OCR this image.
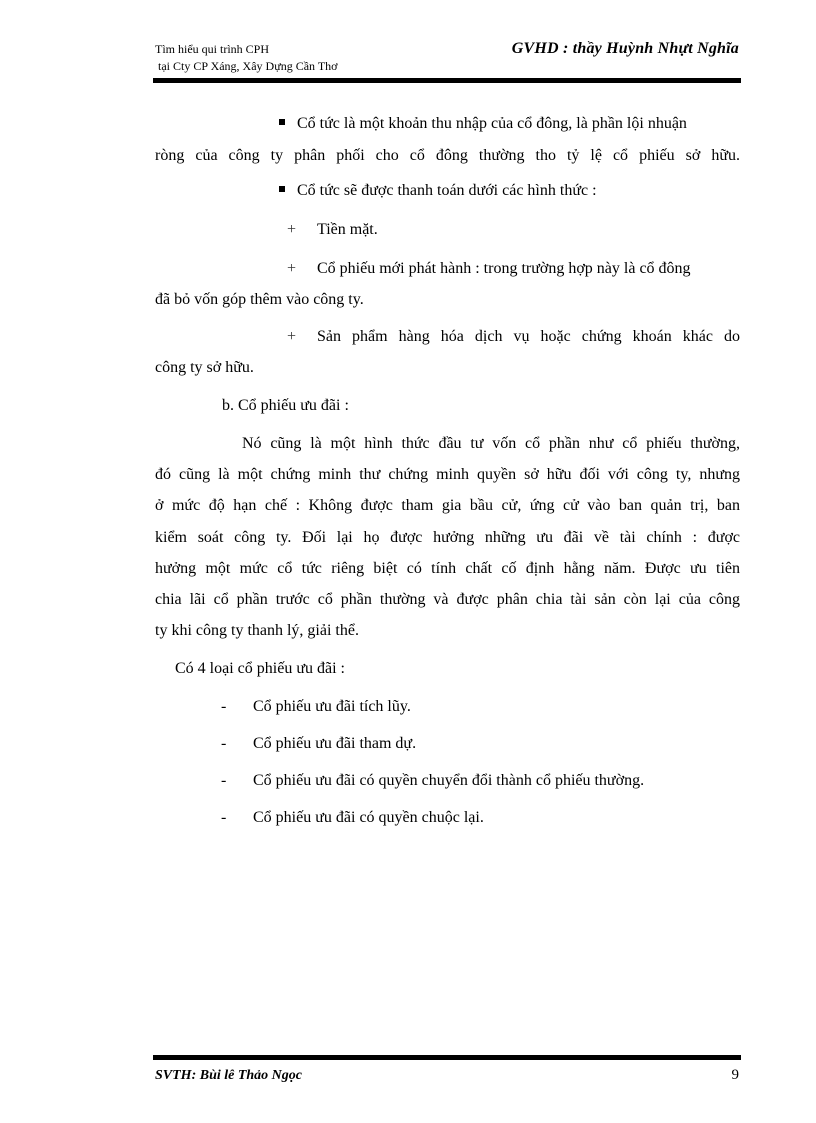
Tìm hiểu qui trình CPH
tại Cty CP Xáng, Xây Dựng Cần Thơ
GVHD : thầy Huỳnh Nhựt Nghĩa
Cổ tức là một khoản thu nhập của cổ đông, là phần lội nhuận
ròng của công ty phân phối cho cổ đông thường tho tỷ lệ cổ phiếu sở hữu.
Cổ tức sẽ được thanh toán dưới các hình thức :
+ Tiền mặt.
+ Cổ phiếu mới phát hành : trong trường hợp này là cổ đông
đã bỏ vốn góp thêm vào công ty.
+ Sản phẩm hàng hóa dịch vụ hoặc chứng khoán khác do
công ty sở hữu.
b. Cổ phiếu ưu đãi :
Nó cũng là một hình thức đầu tư vốn cổ phần như cổ phiếu thường,
đó cũng là một chứng minh thư chứng minh quyền sở hữu đối với công ty, nhưng
ở mức độ hạn chế : Không được tham gia bầu cử, ứng cử vào ban quản trị, ban
kiểm soát công ty. Đối lại họ được hưởng những ưu đãi về tài chính : được
hưởng một mức cổ tức riêng biệt có tính chất cố định hằng năm. Được ưu tiên
chia lãi cổ phần trước cổ phần thường và được phân chia tài sản còn lại của công
ty khi công ty thanh lý, giải thể.
Có 4 loại cổ phiếu ưu đãi :
- Cổ phiếu ưu đãi tích lũy.
- Cổ phiếu ưu đãi tham dự.
- Cổ phiếu ưu đãi có quyền chuyển đổi thành cổ phiếu thường.
- Cổ phiếu ưu đãi có quyền chuộc lại.
SVTH: Bùi lê Thảo Ngọc	9
